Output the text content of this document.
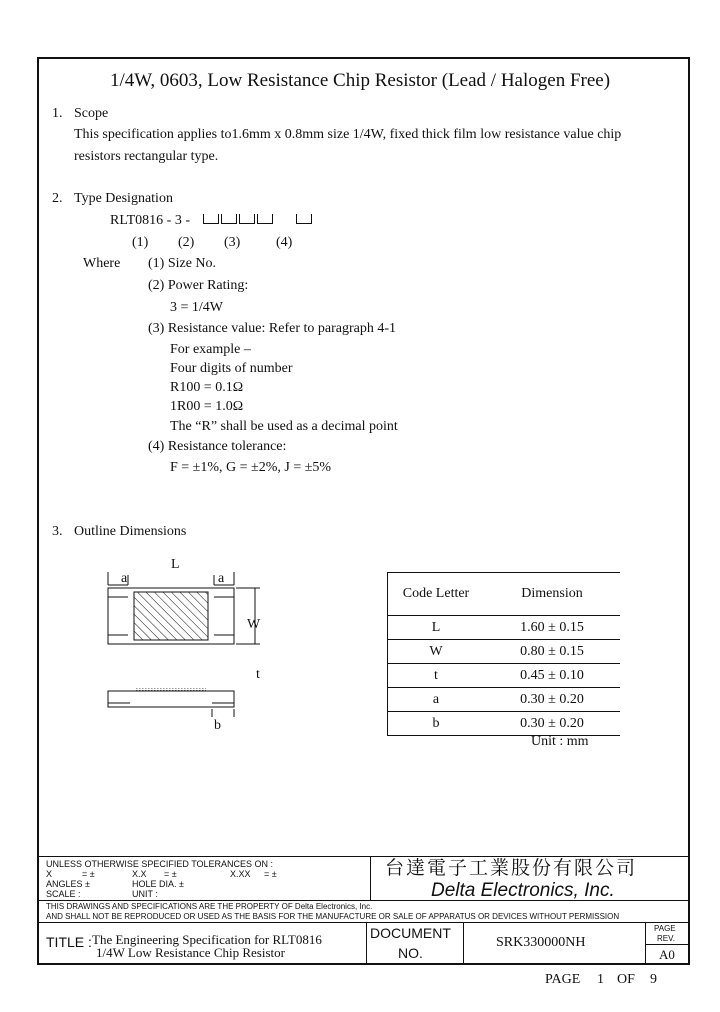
1/4W, 0603, Low Resistance Chip Resistor (Lead / Halogen Free)
1. Scope
This specification applies to1.6mm x 0.8mm size 1/4W, fixed thick film low resistance value chip
resistors rectangular type.
2. Type Designation
RLT0816 - 3 -
(1) (2) (3)	(4)
Where (1) Size No.
(2) Power Rating:
3 = 1/4W
(3) Resistance value: Refer to paragraph 4-1
For example –
Four digits of number
R100 = 0.1Ω
1R00 = 1.0Ω
The “R” shall be used as a decimal point
(4) Resistance tolerance:
F = ±1%, G = ±2%, J = ±5%
3. Outline Dimensions
L
a	a
W
t
b
Code Letter	Dimension
L	1.60 ± 0.15
W	0.80 ± 0.15
t	0.45 ± 0.10
a	0.30 ± 0.20
b	0.30 ± 0.20
Unit : mm
UNLESS OTHERWISE SPECIFIED TOLERANCES ON :
X	= ±	X.X = ±	X.XX = ±
ANGLES ±	HOLE DIA. ±
SCALE :	UNIT :
台達電子工業股份有限公司
Delta Electronics, Inc.
THIS DRAWINGS AND SPECIFICATIONS ARE THE PROPERTY OF Delta Electronics, Inc.
AND SHALL NOT BE REPRODUCED OR USED AS THE BASIS FOR THE MANUFACTURE OR SALE OF APPARATUS OR DEVICES WITHOUT PERMISSION
TITLE : The Engineering Specification for RLT0816
1/4W Low Resistance Chip Resistor
DOCUMENT
NO.
SRK330000NH
PAGE
REV.
A0
PAGE 1 OF 9
